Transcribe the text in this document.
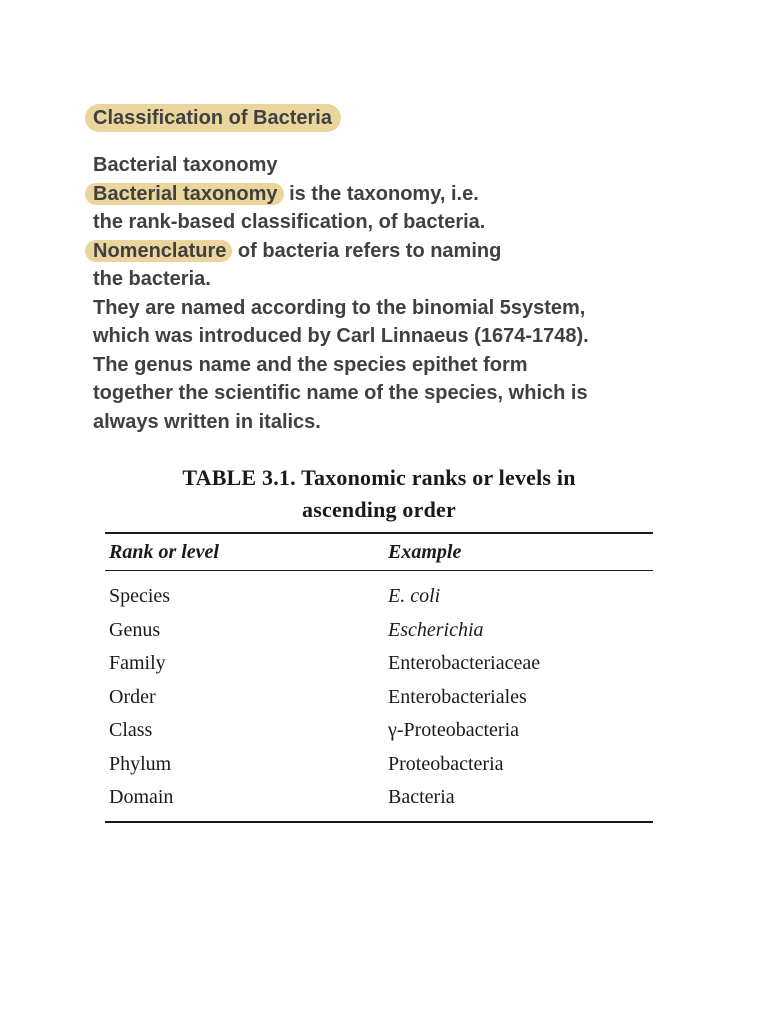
Classification of Bacteria
Bacterial taxonomy
Bacterial taxonomy is the taxonomy, i.e.
the rank-based classification, of bacteria.
Nomenclature of bacteria refers to naming
the bacteria.
They are named according to the binomial 5system,
which was introduced by Carl Linnaeus (1674-1748).
The genus name and the species epithet form
together the scientific name of the species, which is
always written in italics.
TABLE 3.1. Taxonomic ranks or levels in
ascending order
Rank or level	Example
Species	E. coli
Genus	Escherichia
Family	Enterobacteriaceae
Order	Enterobacteriales
Class	γ-Proteobacteria
Phylum	Proteobacteria
Domain	Bacteria
